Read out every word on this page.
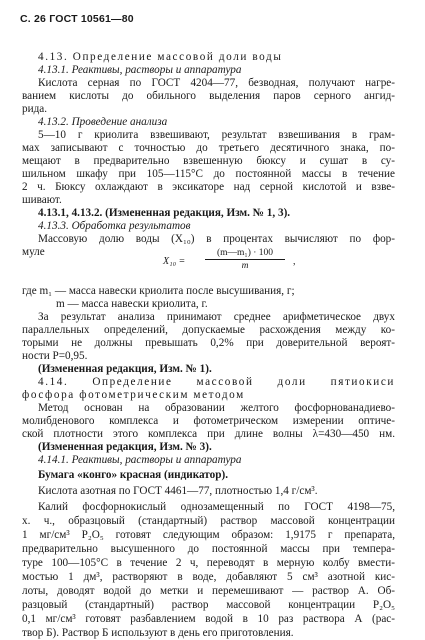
С. 26 ГОСТ 10561—80
4.13. Определение массовой доли воды
4.13.1. Реактивы, растворы и аппаратура
Кислота серная по ГОСТ 4204—77, безводная, получают нагре-
ванием кислоты до обильного выделения паров серного ангид-
рида.
4.13.2. Проведение анализа
5—10 г криолита взвешивают, результат взвешивания в грам-
мах записывают с точностью до третьего десятичного знака, по-
мещают в предварительно взвешенную бюксу и сушат в су-
шильном шкафу при 105—115°С до постоянной массы в течение
2 ч. Бюксу охлаждают в эксикаторе над серной кислотой и взве-
шивают.
4.13.1, 4.13.2. (Измененная редакция, Изм. № 1, 3).
4.13.3. Обработка результатов
Массовую долю воды (X₁₀) в процентах вычисляют по фор-
муле
где m₁ — масса навески криолита после высушивания, г;
m — масса навески криолита, г.
За результат анализа принимают среднее арифметическое двух
параллельных определений, допускаемые расхождения между ко-
торыми не должны превышать 0,2% при доверительной вероят-
ности P=0,95.
(Измененная редакция, Изм. № 1).
4.14. Определение массовой доли пятиокиси
фосфора фотометрическим методом
Метод основан на образовании желтого фосфорнованадиево-
молибденового комплекса и фотометрическом измерении оптиче-
ской плотности этого комплекса при длине волны λ=430—450 нм.
(Измененная редакция, Изм. № 3).
4.14.1. Реактивы, растворы и аппаратура
Бумага «конго» красная (индикатор).
Кислота азотная по ГОСТ 4461—77, плотностью 1,4 г/см³.
Калий фосфорнокислый однозамещенный по ГОСТ 4198—75,
х. ч., образцовый (стандартный) раствор массовой концентрации
1 мг/см³ P₂O₅ готовят следующим образом: 1,9175 г препарата,
предварительно высушенного до постоянной массы при темпера-
туре 100—105°С в течение 2 ч, переводят в мерную колбу вмести-
мостью 1 дм³, растворяют в воде, добавляют 5 см³ азотной кис-
лоты, доводят водой до метки и перемешивают — раствор А. Об-
разцовый (стандартный) раствор массовой концентрации P₂O₅
0,1 мг/см³ готовят разбавлением водой в 10 раз раствора А (рас-
твор Б). Раствор Б используют в день его приготовления.
X₁₀ =
(m—m₁) · 100
m	,
